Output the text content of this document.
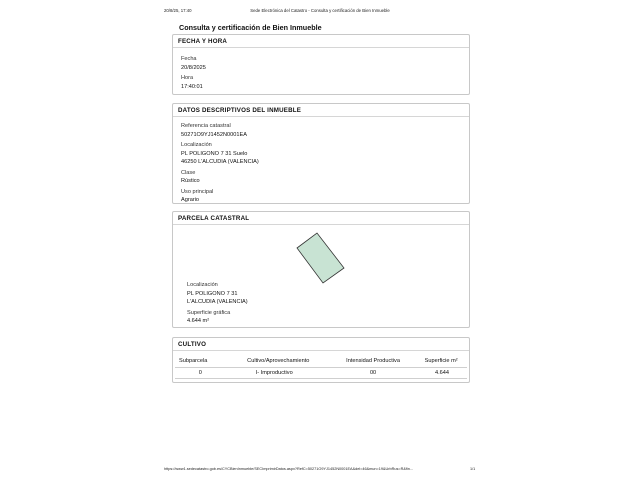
20/8/25, 17:40	Sede Electrónica del Catastro - Consulta y certificación de Bien Inmueble
Consulta y certificación de Bien Inmueble
FECHA Y HORA
Fecha
20/8/2025
Hora
17:40:01
DATOS DESCRIPTIVOS DEL INMUEBLE
Referencia catastral
50271O9YJ1452N0001EA
Localización
PL POLIGONO 7 31 Suelo
46250 L'ALCUDIA (VALENCIA)
Clase
Rústico
Uso principal
Agrario
PARCELA CATASTRAL
Localización
PL POLIGONO 7 31
L'ALCUDIA (VALENCIA)
Superficie gráfica
4.644 m²
CULTIVO
Subparcela	Cultivo/Aprovechamiento	Intensidad Productiva	Superficie m²
0	I- Improductivo	00	4.644
https://www1.sedecatastro.gob.es/CYCBienInmueble/SECImprimirDatos.aspx?RefC=50271O9YJ1452N0001EA&del=46&mun=19&UrbRus=R&fin...	1/1
